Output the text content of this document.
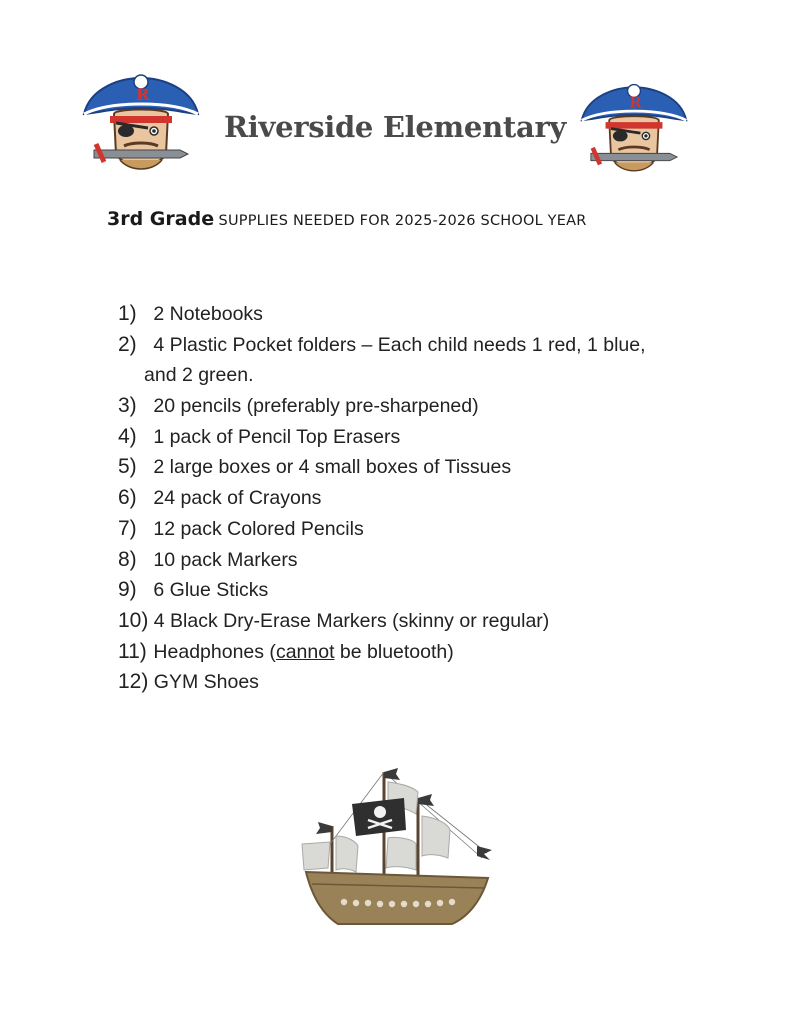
R
Riverside Elementary
R
3rd Grade SUPPLIES NEEDED FOR 2025-2026 SCHOOL YEAR
1) 2 Notebooks
2) 4 Plastic Pocket folders – Each child needs 1 red, 1 blue,
and 2 green.
3) 20 pencils (preferably pre-sharpened)
4) 1 pack of Pencil Top Erasers
5) 2 large boxes or 4 small boxes of Tissues
6) 24 pack of Crayons
7) 12 pack Colored Pencils
8) 10 pack Markers
9) 6 Glue Sticks
10) 4 Black Dry-Erase Markers (skinny or regular)
11) Headphones (cannot be bluetooth)
12) GYM Shoes
